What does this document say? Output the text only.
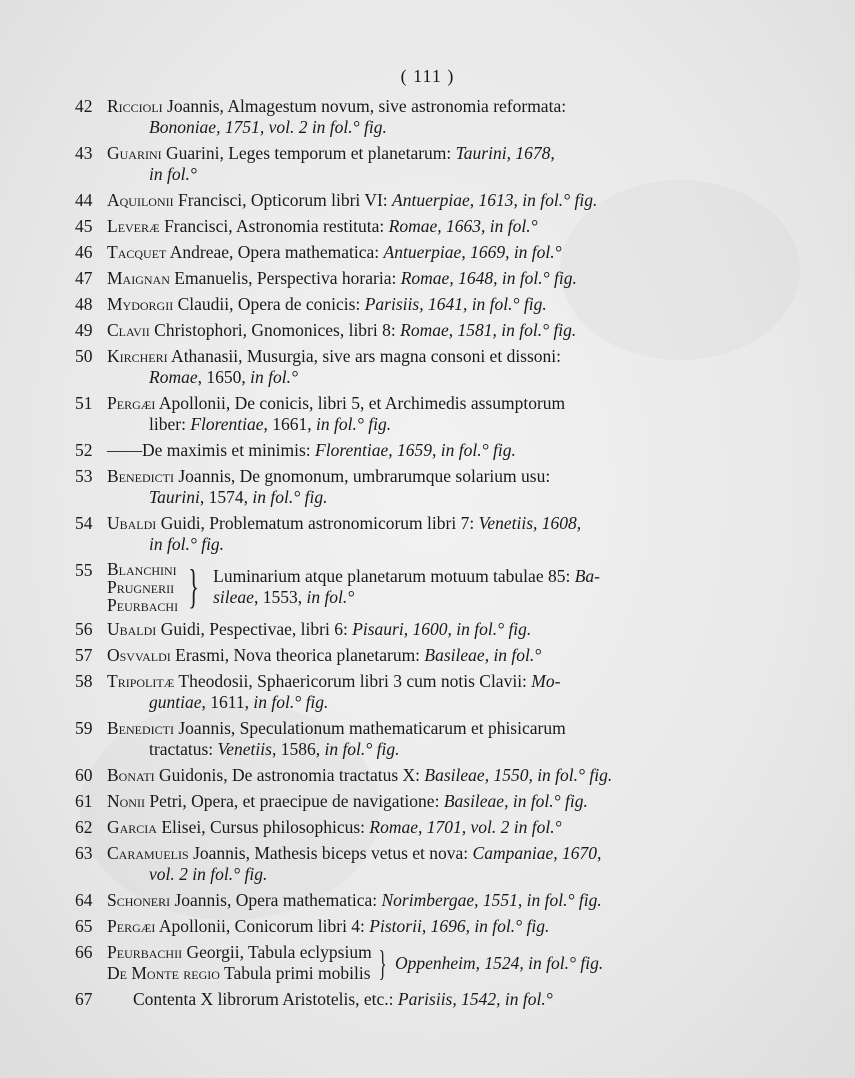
( 111 )
42 Riccioli Joannis, Almagestum novum, sive astronomia reformata:
Bononiae, 1751, vol. 2 in fol.° fig.
43 Guarini Guarini, Leges temporum et planetarum: Taurini, 1678,
in fol.°
44 Aquilonii Francisci, Opticorum libri VI: Antuerpiae, 1613, in fol.° fig.
45 Leveræ Francisci, Astronomia restituta: Romae, 1663, in fol.°
46 Tacquet Andreae, Opera mathematica: Antuerpiae, 1669, in fol.°
47 Maignan Emanuelis, Perspectiva horaria: Romae, 1648, in fol.° fig.
48 Mydorgii Claudii, Opera de conicis: Parisiis, 1641, in fol.° fig.
49 Clavii Christophori, Gnomonices, libri 8: Romae, 1581, in fol.° fig.
50 Kircheri Athanasii, Musurgia, sive ars magna consoni et dissoni:
Romae, 1650, in fol.°
51 Pergæi Apollonii, De conicis, libri 5, et Archimedis assumptorum
liber: Florentiae, 1661, in fol.° fig.
52 ——De maximis et minimis: Florentiae, 1659, in fol.° fig.
53 Benedicti Joannis, De gnomonum, umbrarumque solarium usu:
Taurini, 1574, in fol.° fig.
54 Ubaldi Guidi, Problematum astronomicorum libri 7: Venetiis, 1608,
in fol.° fig.
55 Blanchini
Prugnerii
Peurbachi } Luminarium atque planetarum motuum tabulae 85: Ba-
sileae, 1553, in fol.°
56 Ubaldi Guidi, Pespectivae, libri 6: Pisauri, 1600, in fol.° fig.
57 Osvvaldi Erasmi, Nova theorica planetarum: Basileae, in fol.°
58 Tripolitæ Theodosii, Sphaericorum libri 3 cum notis Clavii: Mo-
guntiae, 1611, in fol.° fig.
59 Benedicti Joannis, Speculationum mathematicarum et phisicarum
tractatus: Venetiis, 1586, in fol.° fig.
60 Bonati Guidonis, De astronomia tractatus X: Basileae, 1550, in fol.° fig.
61 Nonii Petri, Opera, et praecipue de navigatione: Basileae, in fol.° fig.
62 Garcia Elisei, Cursus philosophicus: Romae, 1701, vol. 2 in fol.°
63 Caramuelis Joannis, Mathesis biceps vetus et nova: Campaniae, 1670,
vol. 2 in fol.° fig.
64 Schoneri Joannis, Opera mathematica: Norimbergae, 1551, in fol.° fig.
65 Pergæi Apollonii, Conicorum libri 4: Pistorii, 1696, in fol.° fig.
66 Peurbachii Georgii, Tabula eclypsium
De Monte regio Tabula primi mobilis } Oppenheim, 1524, in fol.° fig.
67	Contenta X librorum Aristotelis, etc.: Parisiis, 1542, in fol.°
